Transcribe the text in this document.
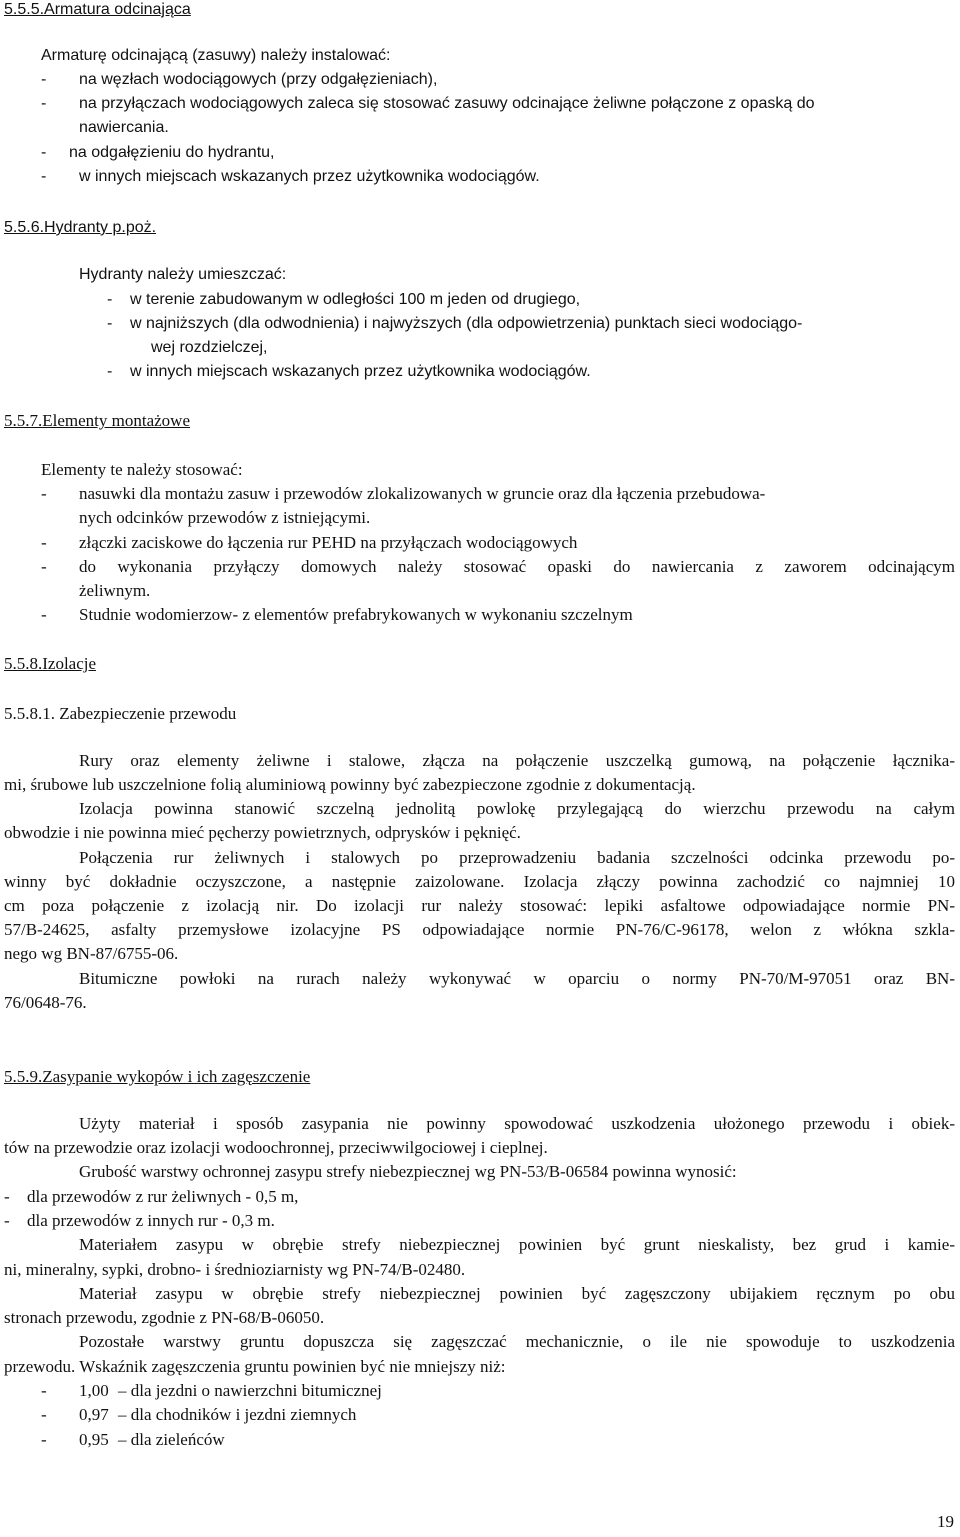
5.5.5.Armatura odcinająca
Armaturę odcinającą (zasuwy) należy instalować:
- na węzłach wodociągowych (przy odgałęzieniach),
- na przyłączach wodociągowych zaleca się stosować zasuwy odcinające żeliwne połączone z opaską do
nawiercania.
- na odgałęzieniu do hydrantu,
- w innych miejscach wskazanych przez użytkownika wodociągów.
5.5.6.Hydranty p.poż.
Hydranty należy umieszczać:
- w terenie zabudowanym w odległości 100 m jeden od drugiego,
- w najniższych (dla odwodnienia) i najwyższych (dla odpowietrzenia) punktach sieci wodociągo-
wej rozdzielczej,
- w innych miejscach wskazanych przez użytkownika wodociągów.
5.5.7.Elementy montażowe
Elementy te należy stosować:
- nasuwki dla montażu zasuw i przewodów zlokalizowanych w gruncie oraz dla łączenia przebudowa-
nych odcinków przewodów z istniejącymi.
- złączki zaciskowe do łączenia rur PEHD na przyłączach wodociągowych
- do wykonania przyłączy domowych należy stosować opaski do nawiercania z zaworem odcinającym
żeliwnym.
- Studnie wodomierzow- z elementów prefabrykowanych w wykonaniu szczelnym
5.5.8.Izolacje
5.5.8.1. Zabezpieczenie przewodu
Rury oraz elementy żeliwne i stalowe, złącza na połączenie uszczelką gumową, na połączenie łącznika-
mi, śrubowe lub uszczelnione folią aluminiową powinny być zabezpieczone zgodnie z dokumentacją.
Izolacja powinna stanowić szczelną jednolitą powlokę przylegającą do wierzchu przewodu na całym
obwodzie i nie powinna mieć pęcherzy powietrznych, odprysków i pęknięć.
Połączenia rur żeliwnych i stalowych po przeprowadzeniu badania szczelności odcinka przewodu po-
winny być dokładnie oczyszczone, a następnie zaizolowane. Izolacja złączy powinna zachodzić co najmniej 10
cm poza połączenie z izolacją nir. Do izolacji rur należy stosować: lepiki asfaltowe odpowiadające normie PN-
57/B-24625, asfalty przemysłowe izolacyjne PS odpowiadające normie PN-76/C-96178, welon z włókna szkla-
nego wg BN-87/6755-06.
Bitumiczne powłoki na rurach należy wykonywać w oparciu o normy PN-70/M-97051 oraz BN-
76/0648-76.
5.5.9.Zasypanie wykopów i ich zagęszczenie
Użyty materiał i sposób zasypania nie powinny spowodować uszkodzenia ułożonego przewodu i obiek-
tów na przewodzie oraz izolacji wodoochronnej, przeciwwilgociowej i cieplnej.
Grubość warstwy ochronnej zasypu strefy niebezpiecznej wg PN-53/B-06584 powinna wynosić:
- dla przewodów z rur żeliwnych - 0,5 m,
- dla przewodów z innych rur - 0,3 m.
Materiałem zasypu w obrębie strefy niebezpiecznej powinien być grunt nieskalisty, bez grud i kamie-
ni, mineralny, sypki, drobno- i średnioziarnisty wg PN-74/B-02480.
Materiał zasypu w obrębie strefy niebezpiecznej powinien być zagęszczony ubijakiem ręcznym po obu
stronach przewodu, zgodnie z PN-68/B-06050.
Pozostałe warstwy gruntu dopuszcza się zagęszczać mechanicznie, o ile nie spowoduje to uszkodzenia
przewodu. Wskaźnik zagęszczenia gruntu powinien być nie mniejszy niż:
- 1,00 – dla jezdni o nawierzchni bitumicznej
- 0,97 – dla chodników i jezdni ziemnych
- 0,95 – dla zieleńców
19
